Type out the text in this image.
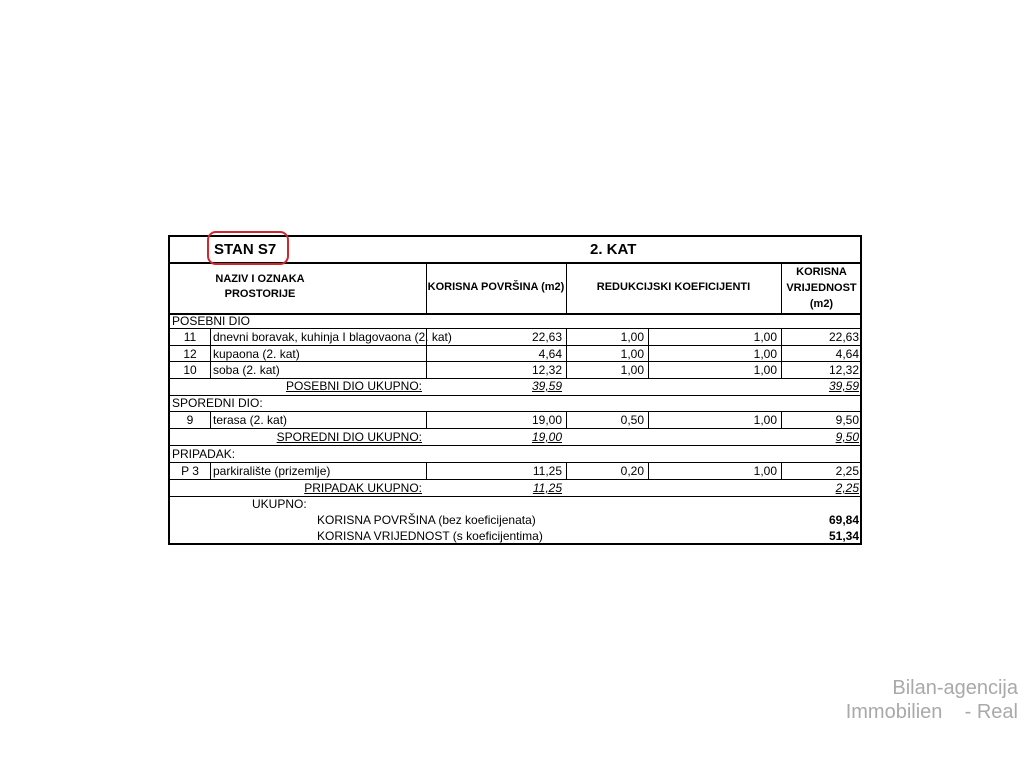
STAN S7	2. KAT
NAZIV I OZNAKA PROSTORIJE
KORISNA POVRŠINA (m2)	REDUKCIJSKI KOEFICIJENTI
KORISNA
VRIJEDNOST
(m2)
POSEBNI DIO
11	dnevni boravak, kuhinja I blagovaona (2. kat)	22,63	1,00	1,00	22,63
12	kupaona (2. kat)	4,64	1,00	1,00	4,64
10	soba (2. kat)	12,32	1,00	1,00	12,32
POSEBNI DIO UKUPNO:	39,59	39,59
SPOREDNI DIO:
9	terasa (2. kat)	19,00	0,50	1,00	9,50
SPOREDNI DIO UKUPNO:	19,00	9,50
PRIPADAK:
P 3	parkiralište (prizemlje)	11,25	0,20	1,00	2,25
PRIPADAK UKUPNO:	11,25	2,25
UKUPNO:
KORISNA POVRŠINA (bez koeficijenata)	69,84
KORISNA VRIJEDNOST (s koeficijentima)	51,34
Bilan-agencija
Immobilien    - Real
